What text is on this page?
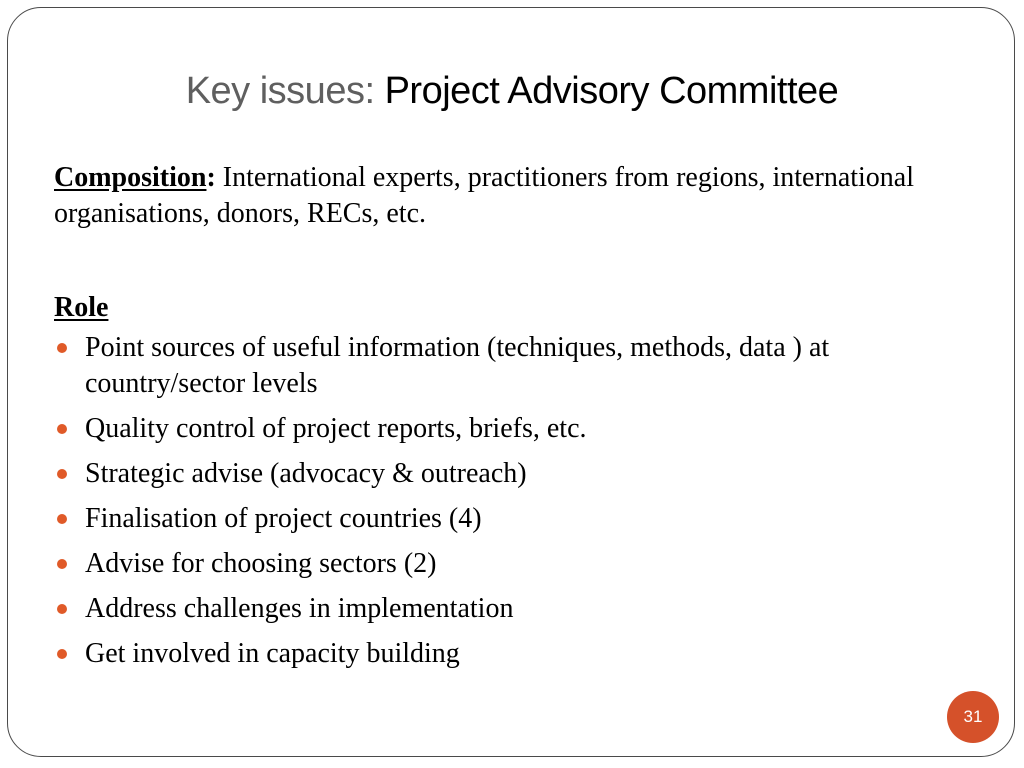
Key issues: Project Advisory Committee

Composition: International experts, practitioners from regions, international organisations, donors, RECs, etc.

Role
Point sources of useful information (techniques, methods, data ) at country/sector levels
Quality control of project reports, briefs, etc.
Strategic advise (advocacy & outreach)
Finalisation of project countries (4)
Advise for choosing sectors (2)
Address challenges in implementation
Get involved in capacity building
31
